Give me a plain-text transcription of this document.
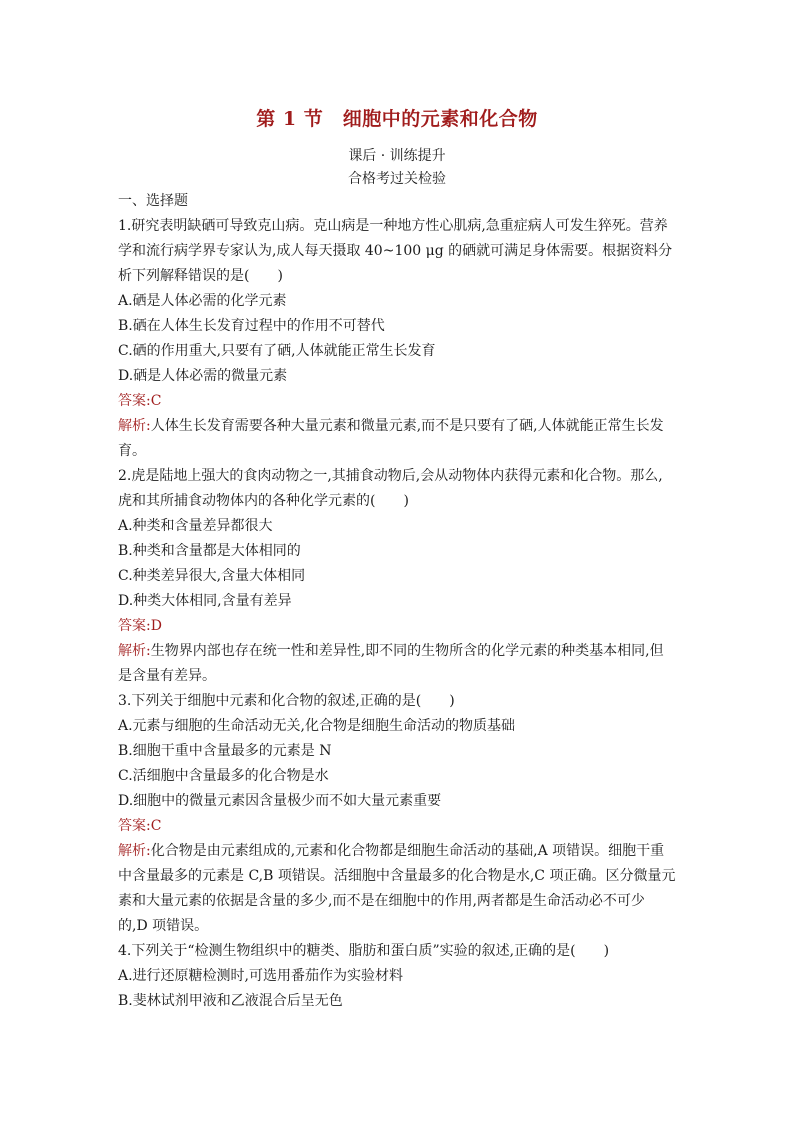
第 1 节　细胞中的元素和化合物
课后 · 训练提升
合格考过关检验
一、选择题
1.研究表明缺硒可导致克山病。克山病是一种地方性心肌病,急重症病人可发生猝死。营养
学和流行病学界专家认为,成人每天摄取 40~100 μg 的硒就可满足身体需要。根据资料分
析下列解释错误的是(　　)
A.硒是人体必需的化学元素
B.硒在人体生长发育过程中的作用不可替代
C.硒的作用重大,只要有了硒,人体就能正常生长发育
D.硒是人体必需的微量元素
答案:C
解析:人体生长发育需要各种大量元素和微量元素,而不是只要有了硒,人体就能正常生长发
育。
2.虎是陆地上强大的食肉动物之一,其捕食动物后,会从动物体内获得元素和化合物。那么,
虎和其所捕食动物体内的各种化学元素的(　　)
A.种类和含量差异都很大
B.种类和含量都是大体相同的
C.种类差异很大,含量大体相同
D.种类大体相同,含量有差异
答案:D
解析:生物界内部也存在统一性和差异性,即不同的生物所含的化学元素的种类基本相同,但
是含量有差异。
3.下列关于细胞中元素和化合物的叙述,正确的是(　　)
A.元素与细胞的生命活动无关,化合物是细胞生命活动的物质基础
B.细胞干重中含量最多的元素是 N
C.活细胞中含量最多的化合物是水
D.细胞中的微量元素因含量极少而不如大量元素重要
答案:C
解析:化合物是由元素组成的,元素和化合物都是细胞生命活动的基础,A 项错误。细胞干重
中含量最多的元素是 C,B 项错误。活细胞中含量最多的化合物是水,C 项正确。区分微量元
素和大量元素的依据是含量的多少,而不是在细胞中的作用,两者都是生命活动必不可少
的,D 项错误。
4.下列关于“检测生物组织中的糖类、脂肪和蛋白质”实验的叙述,正确的是(　　)
A.进行还原糖检测时,可选用番茄作为实验材料
B.斐林试剂甲液和乙液混合后呈无色
